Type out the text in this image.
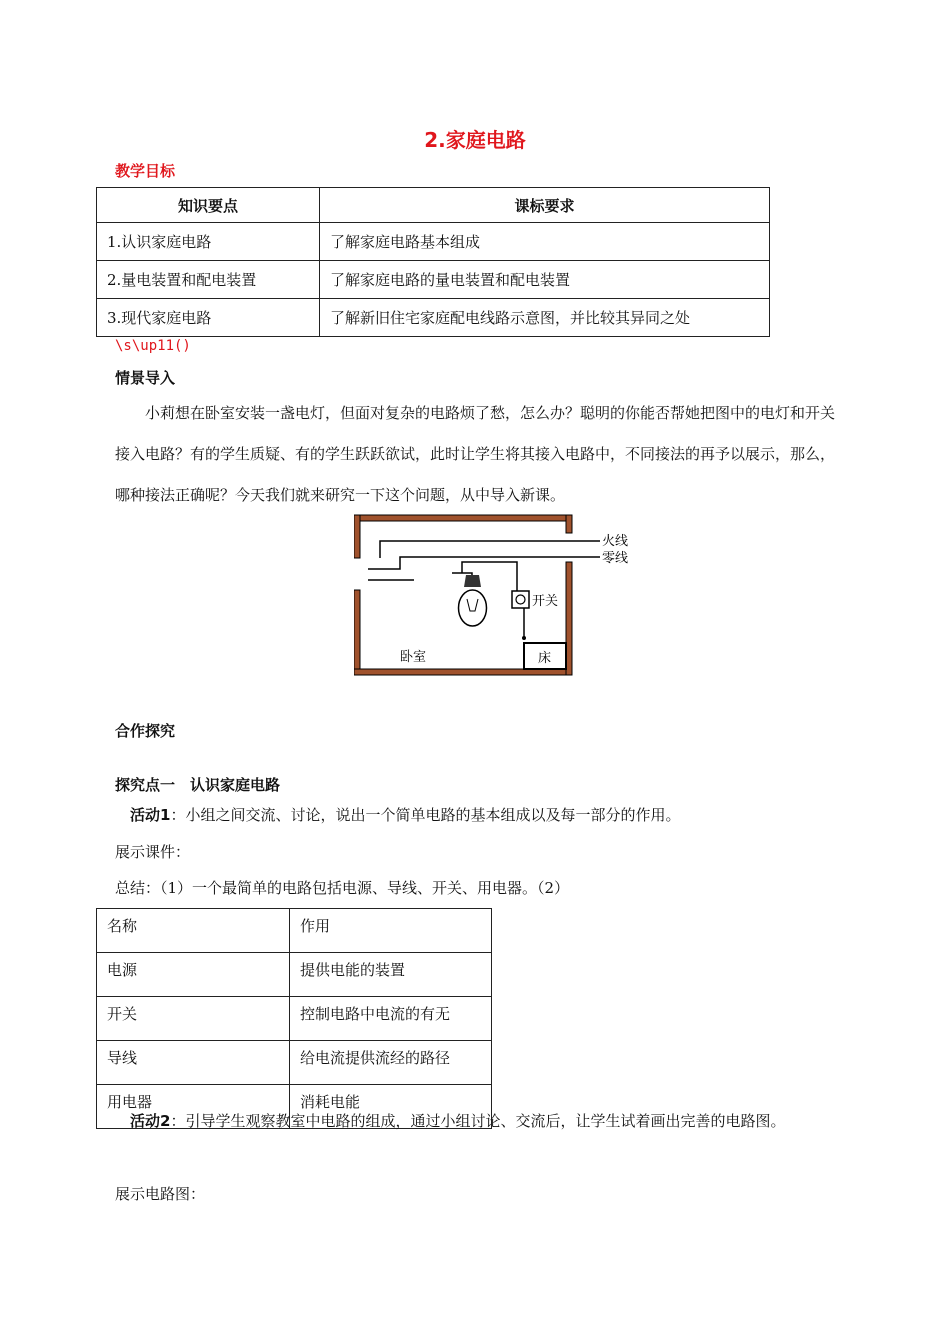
2.家庭电路
教学目标
知识要点	课标要求
1.认识家庭电路	了解家庭电路基本组成
2.量电装置和配电装置	了解家庭电路的量电装置和配电装置
3.现代家庭电路	了解新旧住宅家庭配电线路示意图，并比较其异同之处
\s\up11()
情景导入
小莉想在卧室安装一盏电灯，但面对复杂的电路烦了愁，怎么办？聪明的你能否帮她把图中的电灯和开关接入电路？有的学生质疑、有的学生跃跃欲试，此时让学生将其接入电路中，不同接法的再予以展示，那么，哪种接法正确呢？今天我们就来研究一下这个问题，从中导入新课。
火线
零线
开关
卧室	床
合作探究
探究点一　认识家庭电路
活动1：小组之间交流、讨论，说出一个简单电路的基本组成以及每一部分的作用。
展示课件：
总结：（1）一个最简单的电路包括电源、导线、开关、用电器。（2）
名称	作用
电源	提供电能的装置
开关	控制电路中电流的有无
导线	给电流提供流经的路径
用电器	消耗电能
活动2：引导学生观察教室中电路的组成，通过小组讨论、交流后，让学生试着画出完善的电路图。
展示电路图：
